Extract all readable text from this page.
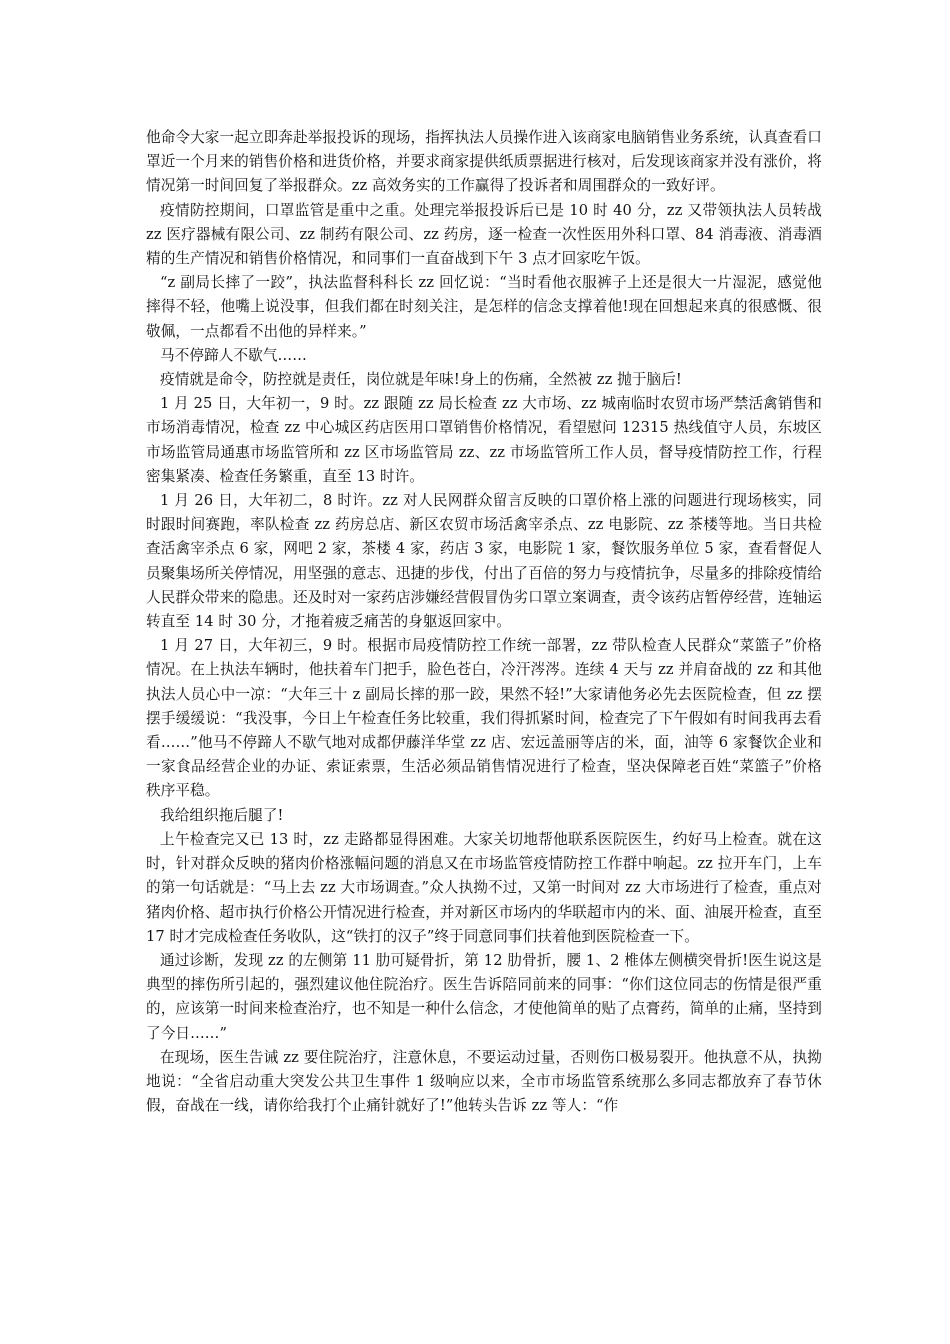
他命令大家一起立即奔赴举报投诉的现场，指挥执法人员操作进入该商家电脑销售业务系统，认真查看口罩近一个月来的销售价格和进货价格，并要求商家提供纸质票据进行核对，后发现该商家并没有涨价，将情况第一时间回复了举报群众。zz 高效务实的工作赢得了投诉者和周围群众的一致好评。

疫情防控期间，口罩监管是重中之重。处理完举报投诉后已是 10 时 40 分，zz 又带领执法人员转战 zz 医疗器械有限公司、zz 制药有限公司、zz 药房，逐一检查一次性医用外科口罩、84 消毒液、消毒酒精的生产情况和销售价格情况，和同事们一直奋战到下午 3 点才回家吃午饭。

“z 副局长摔了一跤”，执法监督科科长 zz 回忆说：“当时看他衣服裤子上还是很大一片湿泥，感觉他摔得不轻，他嘴上说没事，但我们都在时刻关注，是怎样的信念支撑着他!现在回想起来真的很感慨、很敬佩，一点都看不出他的异样来。”

马不停蹄人不歇气……

疫情就是命令，防控就是责任，岗位就是年味!身上的伤痛，全然被 zz 抛于脑后!

1 月 25 日，大年初一，9 时。zz 跟随 zz 局长检查 zz 大市场、zz 城南临时农贸市场严禁活禽销售和市场消毒情况，检查 zz 中心城区药店医用口罩销售价格情况，看望慰问 12315 热线值守人员，东坡区市场监管局通惠市场监管所和 zz 区市场监管局 zz、zz 市场监管所工作人员，督导疫情防控工作，行程密集紧凑、检查任务繁重，直至 13 时许。

1 月 26 日，大年初二，8 时许。zz 对人民网群众留言反映的口罩价格上涨的问题进行现场核实，同时跟时间赛跑，率队检查 zz 药房总店、新区农贸市场活禽宰杀点、zz 电影院、zz 茶楼等地。当日共检查活禽宰杀点 6 家，网吧 2 家，茶楼 4 家，药店 3 家，电影院 1 家，餐饮服务单位 5 家，查看督促人员聚集场所关停情况，用坚强的意志、迅捷的步伐，付出了百倍的努力与疫情抗争，尽量多的排除疫情给人民群众带来的隐患。还及时对一家药店涉嫌经营假冒伪劣口罩立案调查，责令该药店暂停经营，连轴运转直至 14 时 30 分，才拖着疲乏痛苦的身躯返回家中。

1 月 27 日，大年初三，9 时。根据市局疫情防控工作统一部署，zz 带队检查人民群众“菜篮子”价格情况。在上执法车辆时，他扶着车门把手，脸色苍白，冷汗涔涔。连续 4 天与 zz 并肩奋战的 zz 和其他执法人员心中一凉：“大年三十 z 副局长摔的那一跤，果然不轻!”大家请他务必先去医院检查，但 zz 摆摆手缓缓说：“我没事，今日上午检查任务比较重，我们得抓紧时间，检查完了下午假如有时间我再去看看……”他马不停蹄人不歇气地对成都伊藤洋华堂 zz 店、宏远盖丽等店的米，面，油等 6 家餐饮企业和一家食品经营企业的办证、索证索票，生活必须品销售情况进行了检查，坚决保障老百姓“菜篮子”价格秩序平稳。

我给组织拖后腿了!

上午检查完又已 13 时，zz 走路都显得困难。大家关切地帮他联系医院医生，约好马上检查。就在这时，针对群众反映的猪肉价格涨幅问题的消息又在市场监管疫情防控工作群中响起。zz 拉开车门，上车的第一句话就是：“马上去 zz 大市场调查。”众人执拗不过，又第一时间对 zz 大市场进行了检查，重点对猪肉价格、超市执行价格公开情况进行检查，并对新区市场内的华联超市内的米、面、油展开检查，直至 17 时才完成检查任务收队，这“铁打的汉子”终于同意同事们扶着他到医院检查一下。

通过诊断，发现 zz 的左侧第 11 肋可疑骨折，第 12 肋骨折，腰 1、2 椎体左侧横突骨折!医生说这是典型的摔伤所引起的，强烈建议他住院治疗。医生告诉陪同前来的同事：“你们这位同志的伤情是很严重的，应该第一时间来检查治疗，也不知是一种什么信念，才使他简单的贴了点膏药，简单的止痛，坚持到了今日……”

在现场，医生告诫 zz 要住院治疗，注意休息，不要运动过量，否则伤口极易裂开。他执意不从，执拗地说：“全省启动重大突发公共卫生事件 1 级响应以来，全市市场监管系统那么多同志都放弃了春节休假，奋战在一线，请你给我打个止痛针就好了!”他转头告诉 zz 等人：“作
